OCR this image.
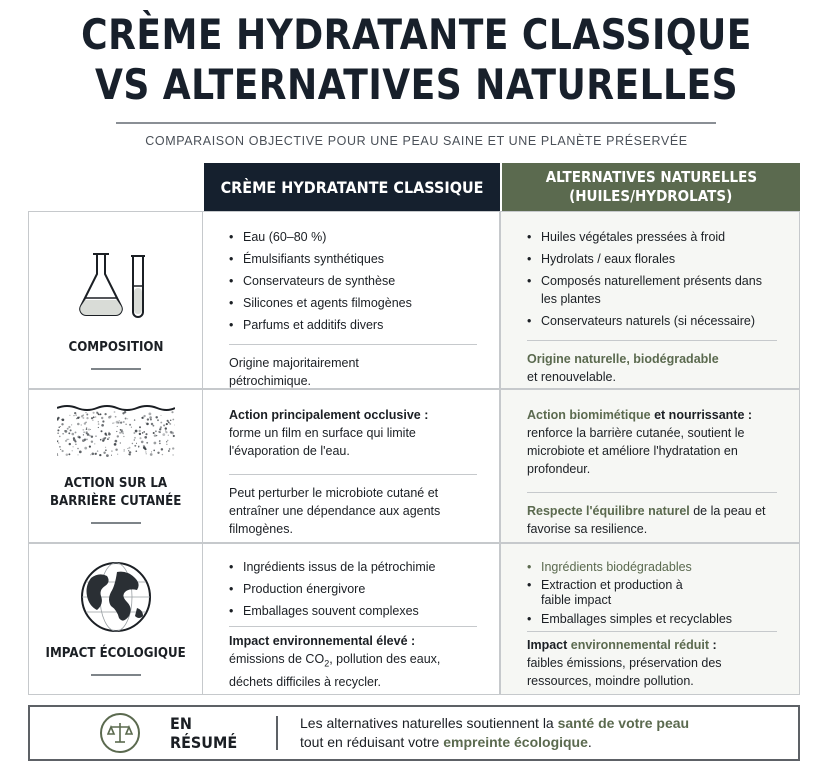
CRÈME HYDRATANTE CLASSIQUE
VS ALTERNATIVES NATURELLES
COMPARAISON OBJECTIVE POUR UNE PEAU SAINE ET UNE PLANÈTE PRÉSERVÉE
CRÈME HYDRATANTE CLASSIQUE
ALTERNATIVES NATURELLES
(HUILES/HYDROLATS)
COMPOSITION
• Eau (60–80 %)
• Émulsifiants synthétiques
• Conservateurs de synthèse
• Silicones et agents filmogènes
• Parfums et additifs divers
Origine majoritairement pétrochimique.
• Huiles végétales pressées à froid
• Hydrolats / eaux florales
• Composés naturellement présents dans les plantes
• Conservateurs naturels (si nécessaire)
Origine naturelle, biodégradable
et renouvelable.
ACTION SUR LA
BARRIÈRE CUTANÉE
Action principalement occlusive :
forme un film en surface qui limite l'évaporation de l'eau.
Peut perturber le microbiote cutané et entraîner une dépendance aux agents filmogènes.
Action biomimétique et nourrissante :
renforce la barrière cutanée, soutient le microbiote et améliore l'hydratation en profondeur.
Respecte l'équilibre naturel de la peau et favorise sa resilience.
IMPACT ÉCOLOGIQUE
• Ingrédients issus de la pétrochimie
• Production énergivore
• Emballages souvent complexes
Impact environnemental élevé :
émissions de $CO_2$, pollution des eaux, déchets difficiles à recycler.
• Ingrédients biodégradables
• Extraction et production à faible impact
• Emballages simples et recyclables
Impact environnemental réduit :
faibles émissions, préservation des ressources, moindre pollution.
EN RÉSUMÉ
Les alternatives naturelles soutiennent la santé de votre peau
tout en réduisant votre empreinte écologique.
